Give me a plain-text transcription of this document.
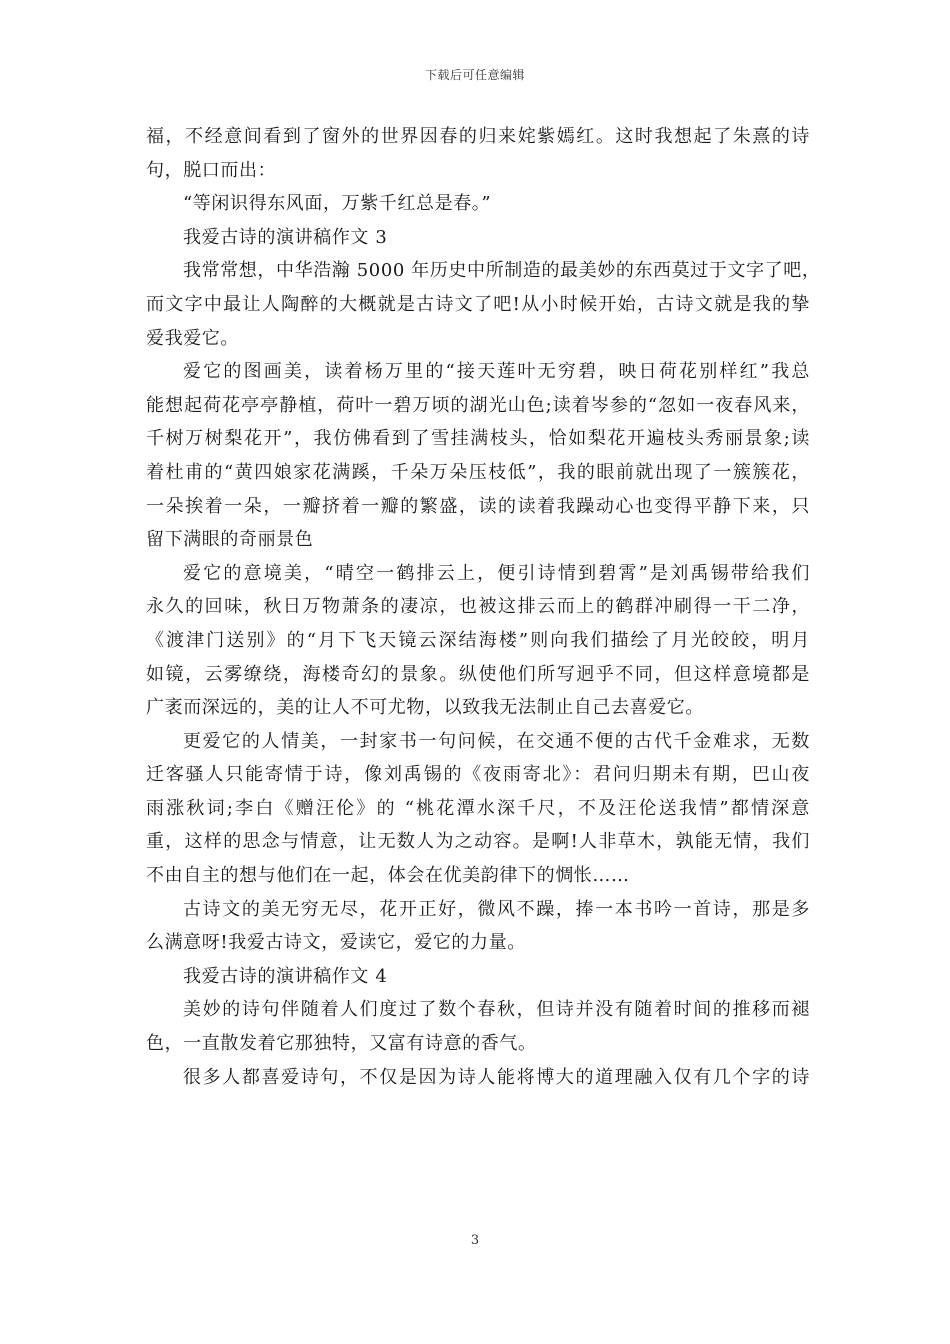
下载后可任意编辑
福，不经意间看到了窗外的世界因春的归来姹紫嫣红。这时我想起了朱熹的诗
句，脱口而出：
“等闲识得东风面，万紫千红总是春。”
我爱古诗的演讲稿作文 3
我常常想，中华浩瀚 5000 年历史中所制造的最美妙的东西莫过于文字了吧，
而文字中最让人陶醉的大概就是古诗文了吧!从小时候开始，古诗文就是我的挚
爱我爱它。
爱它的图画美，读着杨万里的“接天莲叶无穷碧，映日荷花别样红”我总
能想起荷花亭亭静植，荷叶一碧万顷的湖光山色;读着岑参的“忽如一夜春风来，
千树万树梨花开”，我仿佛看到了雪挂满枝头，恰如梨花开遍枝头秀丽景象;读
着杜甫的“黄四娘家花满蹊，千朵万朵压枝低”，我的眼前就出现了一簇簇花，
一朵挨着一朵，一瓣挤着一瓣的繁盛，读的读着我躁动心也变得平静下来，只
留下满眼的奇丽景色
爱它的意境美，“晴空一鹤排云上，便引诗情到碧霄”是刘禹锡带给我们
永久的回味，秋日万物萧条的凄凉，也被这排云而上的鹤群冲刷得一干二净，
《渡津门送别》的“月下飞天镜云深结海楼”则向我们描绘了月光皎皎，明月
如镜，云雾缭绕，海楼奇幻的景象。纵使他们所写迥乎不同，但这样意境都是
广袤而深远的，美的让人不可尤物，以致我无法制止自己去喜爱它。
更爱它的人情美，一封家书一句问候，在交通不便的古代千金难求，无数
迁客骚人只能寄情于诗，像刘禹锡的《夜雨寄北》：君问归期未有期，巴山夜
雨涨秋词;李白《赠汪伦》的 “桃花潭水深千尺，不及汪伦送我情”都情深意
重，这样的思念与情意，让无数人为之动容。是啊!人非草木，孰能无情，我们
不由自主的想与他们在一起，体会在优美韵律下的惆怅……
古诗文的美无穷无尽，花开正好，微风不躁，捧一本书吟一首诗，那是多
么满意呀!我爱古诗文，爱读它，爱它的力量。
我爱古诗的演讲稿作文 4
美妙的诗句伴随着人们度过了数个春秋，但诗并没有随着时间的推移而褪
色，一直散发着它那独特，又富有诗意的香气。
很多人都喜爱诗句，不仅是因为诗人能将博大的道理融入仅有几个字的诗
3
